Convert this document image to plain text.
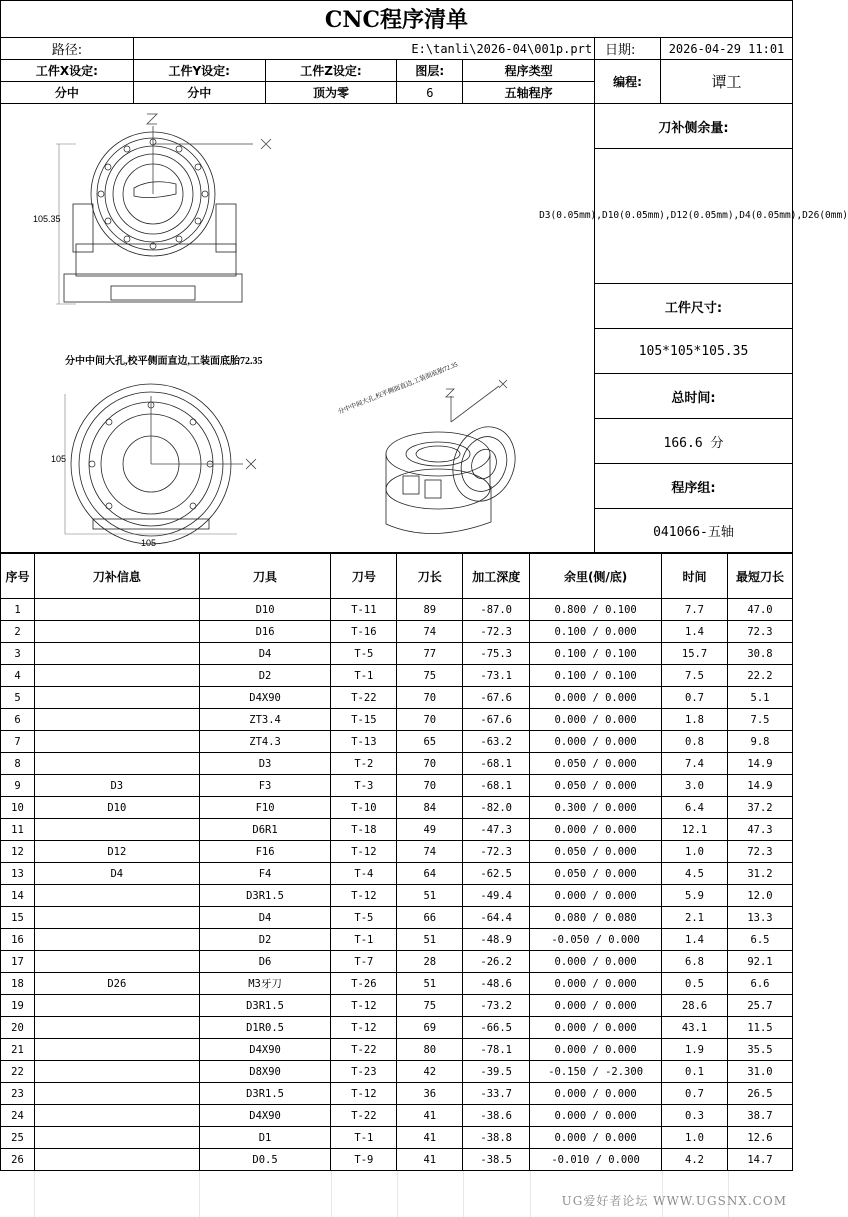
CNC程序清单
路径:	E:\tanli\2026-04\001p.prt				日期:	2026-04-29 11:01
工件X设定:	工件Y设定:	工件Z设定:	图层:	程序类型	编程:	谭工
分中	分中	顶为零	6	五轴程序		
105.35
分中中间大孔,校平侧面直边,工装面底胎72.35
105
105
分中中间大孔,校平侧面直边,工装面底胎72.35
刀补侧余量:
D3(0.05mm),D10(0.05mm),D12(0.05mm),D4(0.05mm),D26(0mm)
工件尺寸:
105*105*105.35
总时间:
166.6 分
程序组:
041066-五轴
序号	刀补信息	刀具	刀号	刀长	加工深度	余里(侧/底)	时间	最短刀长
1		D10	T-11	89	-87.0	0.800 / 0.100	7.7	47.0
2		D16	T-16	74	-72.3	0.100 / 0.000	1.4	72.3
3		D4	T-5	77	-75.3	0.100 / 0.100	15.7	30.8
4		D2	T-1	75	-73.1	0.100 / 0.100	7.5	22.2
5		D4X90	T-22	70	-67.6	0.000 / 0.000	0.7	5.1
6		ZT3.4	T-15	70	-67.6	0.000 / 0.000	1.8	7.5
7		ZT4.3	T-13	65	-63.2	0.000 / 0.000	0.8	9.8
8		D3	T-2	70	-68.1	0.050 / 0.000	7.4	14.9
9	D3	F3	T-3	70	-68.1	0.050 / 0.000	3.0	14.9
10	D10	F10	T-10	84	-82.0	0.300 / 0.000	6.4	37.2
11		D6R1	T-18	49	-47.3	0.000 / 0.000	12.1	47.3
12	D12	F16	T-12	74	-72.3	0.050 / 0.000	1.0	72.3
13	D4	F4	T-4	64	-62.5	0.050 / 0.000	4.5	31.2
14		D3R1.5	T-12	51	-49.4	0.000 / 0.000	5.9	12.0
15		D4	T-5	66	-64.4	0.080 / 0.080	2.1	13.3
16		D2	T-1	51	-48.9	-0.050 / 0.000	1.4	6.5
17		D6	T-7	28	-26.2	0.000 / 0.000	6.8	92.1
18	D26	M3牙刀	T-26	51	-48.6	0.000 / 0.000	0.5	6.6
19		D3R1.5	T-12	75	-73.2	0.000 / 0.000	28.6	25.7
20		D1R0.5	T-12	69	-66.5	0.000 / 0.000	43.1	11.5
21		D4X90	T-22	80	-78.1	0.000 / 0.000	1.9	35.5
22		D8X90	T-23	42	-39.5	-0.150 / -2.300	0.1	31.0
23		D3R1.5	T-12	36	-33.7	0.000 / 0.000	0.7	26.5
24		D4X90	T-22	41	-38.6	0.000 / 0.000	0.3	38.7
25		D1	T-1	41	-38.8	0.000 / 0.000	1.0	12.6
26		D0.5	T-9	41	-38.5	-0.010 / 0.000	4.2	14.7
UG爱好者论坛 WWW.UGSNX.COM
